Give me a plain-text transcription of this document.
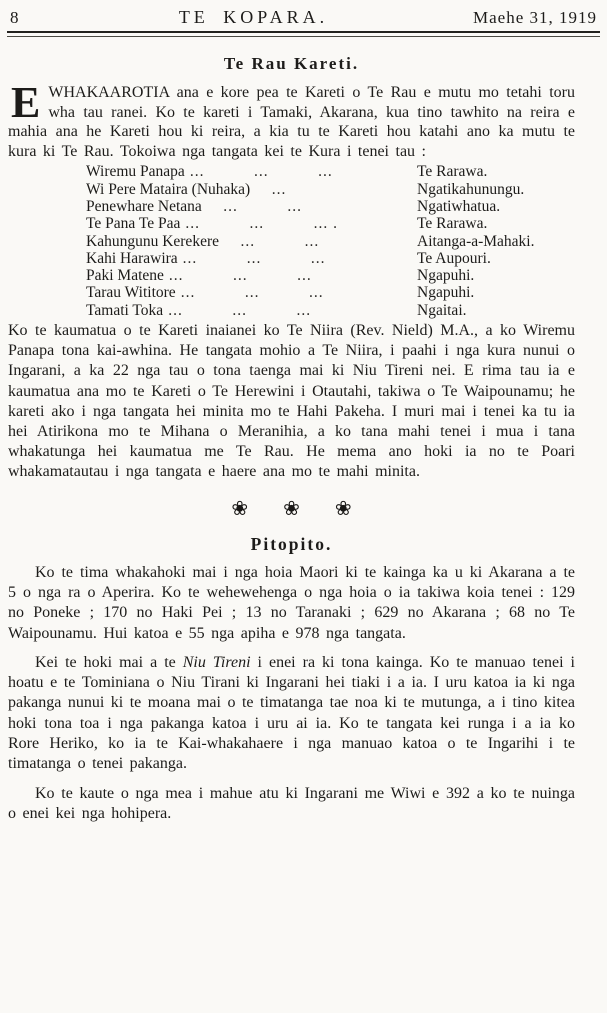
8	TE KOPARA.	Maehe 31, 1919
Te Rau Kareti.

EWHAKAAROTIA ana e kore pea te Kareti o Te Rau e mutu mo tetahi toru wha tau ranei. Ko te kareti i Tamaki, Akarana, kua tino tawhito na reira e mahia ana he Kareti hou ki reira, a kia tu te Kareti hou katahi ano ka mutu te kura ki Te Rau. Tokoiwa nga tangata kei te Kura i tenei tau :

Wiremu Panapa ...   ...   ...	Te Rarawa.
Wi Pere Mataira (Nuhaka)  ...	Ngatikahunungu.
Penewhare Netana  ...   ...	Ngatiwhatua.
Te Pana Te Paa ...   ...   ... .	Te Rarawa.
Kahungunu Kerekere  ...   ...	Aitanga-a-Mahaki.
Kahi Harawira ...   ...   ...	Te Aupouri.
Paki Matene ...   ...   ...	Ngapuhi.
Tarau Wititore ...   ...   ...	Ngapuhi.
Tamati Toka ...   ...   ...	Ngaitai.

Ko te kaumatua o te Kareti inaianei ko Te Niira (Rev. Nield) M.A., a ko Wiremu Panapa tona kai-awhina. He tangata mohio a Te Niira, i paahi i nga kura nunui o Ingarani, a ka 22 nga tau o tona taenga mai ki Niu Tireni nei. E rima tau ia e kaumatua ana mo te Kareti o Te Herewini i Otautahi, takiwa o Te Waipounamu; he kareti ako i nga tangata hei minita mo te Hahi Pakeha. I muri mai i tenei ka tu ia hei Atirikona mo te Mihana o Meranihia, a ko tana mahi tenei i mua i tana whakatunga hei kaumatua me Te Rau. He mema ano hoki ia no te Poari whakamatautau i nga tangata e haere ana mo te mahi minita.

❀ ❀ ❀
Pitopito.

Ko te tima whakahoki mai i nga hoia Maori ki te kainga ka u ki Akarana a te 5 o nga ra o Aperira. Ko te wehewehenga o nga hoia o ia takiwa koia tenei : 129 no Poneke ; 170 no Haki Pei ; 13 no Taranaki ; 629 no Akarana ; 68 no Te Waipounamu. Hui katoa e 55 nga apiha e 978 nga tangata.

Kei te hoki mai a te Niu Tireni i enei ra ki tona kainga. Ko te manuao tenei i hoatu e te Tominiana o Niu Tirani ki Ingarani hei tiaki i a ia. I uru katoa ia ki nga pakanga nunui ki te moana mai o te timatanga tae noa ki te mutunga, a i tino kitea hoki tona toa i nga pakanga katoa i uru ai ia. Ko te tangata kei runga i a ia ko Rore Heriko, ko ia te Kai-whakahaere i nga manuao katoa o te Ingarihi i te timatanga o tenei pakanga.

Ko te kaute o nga mea i mahue atu ki Ingarani me Wiwi e 392 a ko te nuinga o enei kei nga hohipera.
